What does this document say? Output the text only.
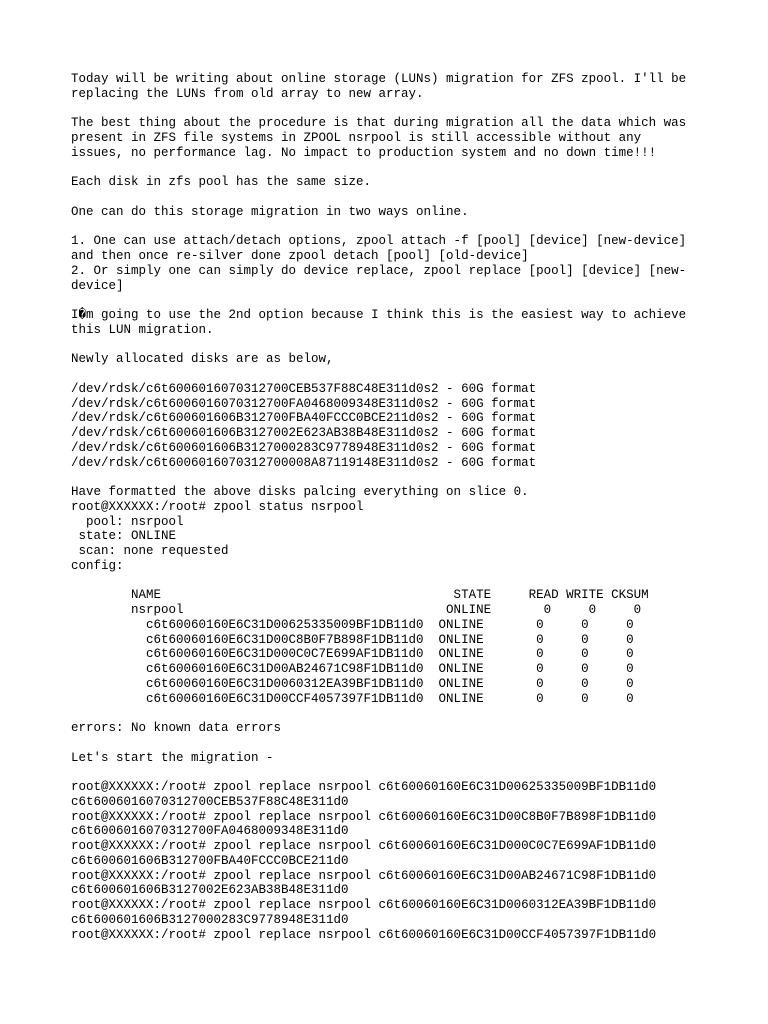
Today will be writing about online storage (LUNs) migration for ZFS zpool. I'll be
replacing the LUNs from old array to new array.
The best thing about the procedure is that during migration all the data which was
present in ZFS file systems in ZPOOL nsrpool is still accessible without any
issues, no performance lag. No impact to production system and no down time!!!
Each disk in zfs pool has the same size.
One can do this storage migration in two ways online.
1. One can use attach/detach options, zpool attach -f [pool] [device] [new-device]
and then once re-silver done zpool detach [pool] [old-device]
2. Or simply one can simply do device replace, zpool replace [pool] [device] [new-
device]
I�m going to use the 2nd option because I think this is the easiest way to achieve
this LUN migration.
Newly allocated disks are as below,
/dev/rdsk/c6t6006016070312700CEB537F88C48E311d0s2 - 60G format
/dev/rdsk/c6t6006016070312700FA0468009348E311d0s2 - 60G format
/dev/rdsk/c6t600601606B312700FBA40FCCC0BCE211d0s2 - 60G format
/dev/rdsk/c6t600601606B3127002E623AB38B48E311d0s2 - 60G format
/dev/rdsk/c6t600601606B3127000283C9778948E311d0s2 - 60G format
/dev/rdsk/c6t6006016070312700008A87119148E311d0s2 - 60G format
Have formatted the above disks palcing everything on slice 0.
root@XXXXXX:/root# zpool status nsrpool
pool: nsrpool
state: ONLINE
scan: none requested
config:
NAME                                       STATE     READ WRITE CKSUM
nsrpool                                   ONLINE       0     0     0
c6t60060160E6C31D00625335009BF1DB11d0  ONLINE       0     0     0
c6t60060160E6C31D00C8B0F7B898F1DB11d0  ONLINE       0     0     0
c6t60060160E6C31D000C0C7E699AF1DB11d0  ONLINE       0     0     0
c6t60060160E6C31D00AB24671C98F1DB11d0  ONLINE       0     0     0
c6t60060160E6C31D0060312EA39BF1DB11d0  ONLINE       0     0     0
c6t60060160E6C31D00CCF4057397F1DB11d0  ONLINE       0     0     0
errors: No known data errors
Let's start the migration -
root@XXXXXX:/root# zpool replace nsrpool c6t60060160E6C31D00625335009BF1DB11d0
c6t6006016070312700CEB537F88C48E311d0
root@XXXXXX:/root# zpool replace nsrpool c6t60060160E6C31D00C8B0F7B898F1DB11d0
c6t6006016070312700FA0468009348E311d0
root@XXXXXX:/root# zpool replace nsrpool c6t60060160E6C31D000C0C7E699AF1DB11d0
c6t600601606B312700FBA40FCCC0BCE211d0
root@XXXXXX:/root# zpool replace nsrpool c6t60060160E6C31D00AB24671C98F1DB11d0
c6t600601606B3127002E623AB38B48E311d0
root@XXXXXX:/root# zpool replace nsrpool c6t60060160E6C31D0060312EA39BF1DB11d0
c6t600601606B3127000283C9778948E311d0
root@XXXXXX:/root# zpool replace nsrpool c6t60060160E6C31D00CCF4057397F1DB11d0
